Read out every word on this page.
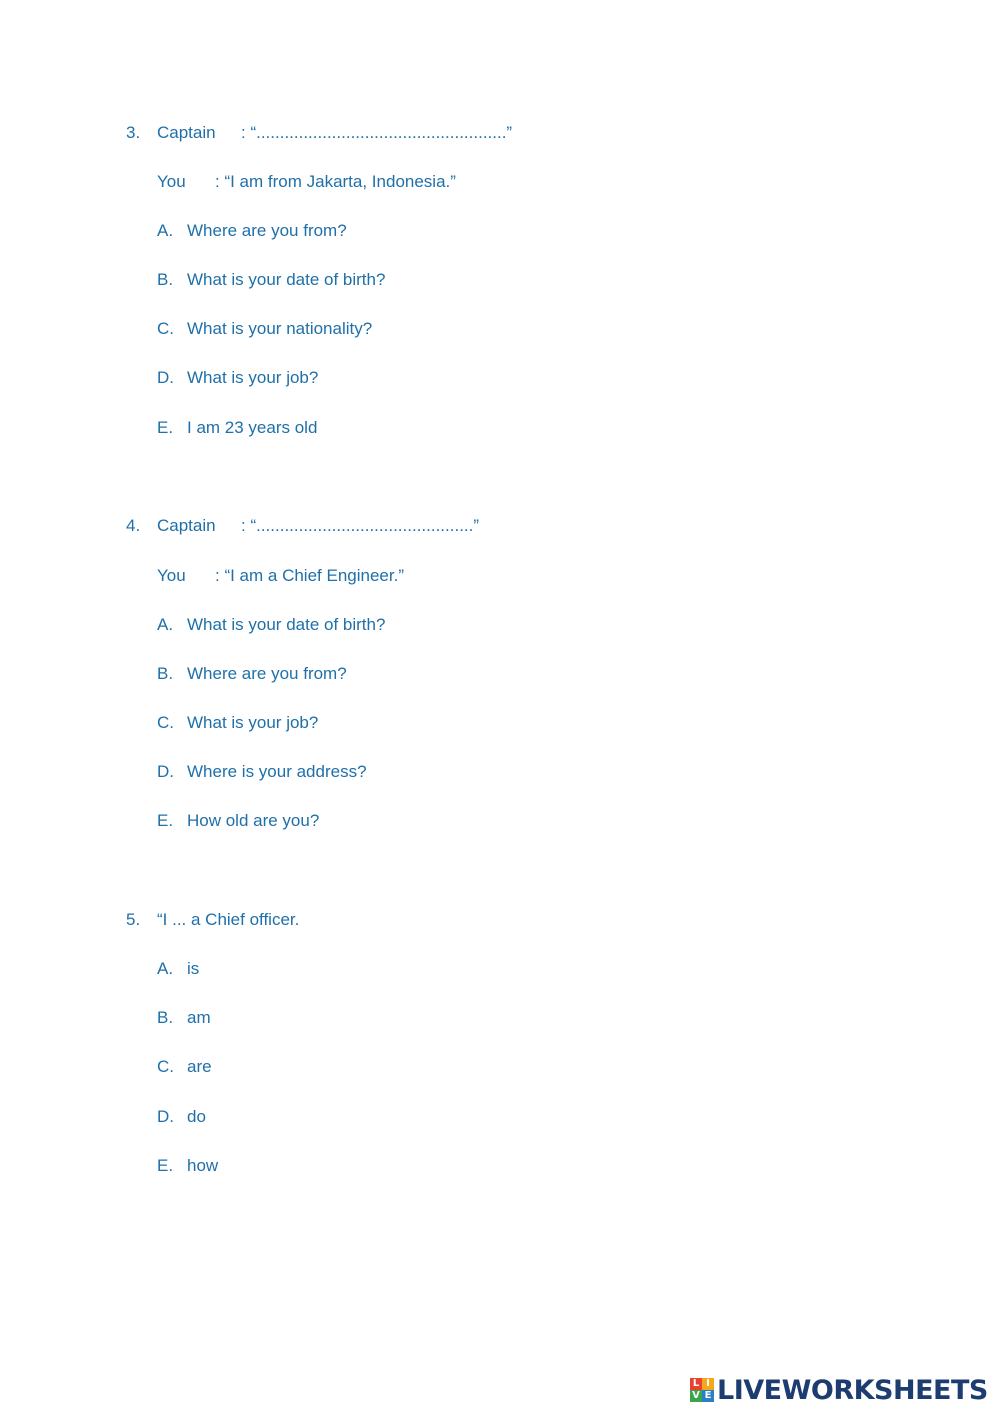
3. Captain : “.....................................................”
You : “I am from Jakarta, Indonesia.”
A. Where are you from?
B. What is your date of birth?
C. What is your nationality?
D. What is your job?
E. I am 23 years old
4. Captain : “..............................................”
You : “I am a Chief Engineer.”
A. What is your date of birth?
B. Where are you from?
C. What is your job?
D. Where is your address?
E. How old are you?
5. “I ... a Chief officer.
A. is
B. am
C. are
D. do
E. how
L I
V E LIVEWORKSHEETS
